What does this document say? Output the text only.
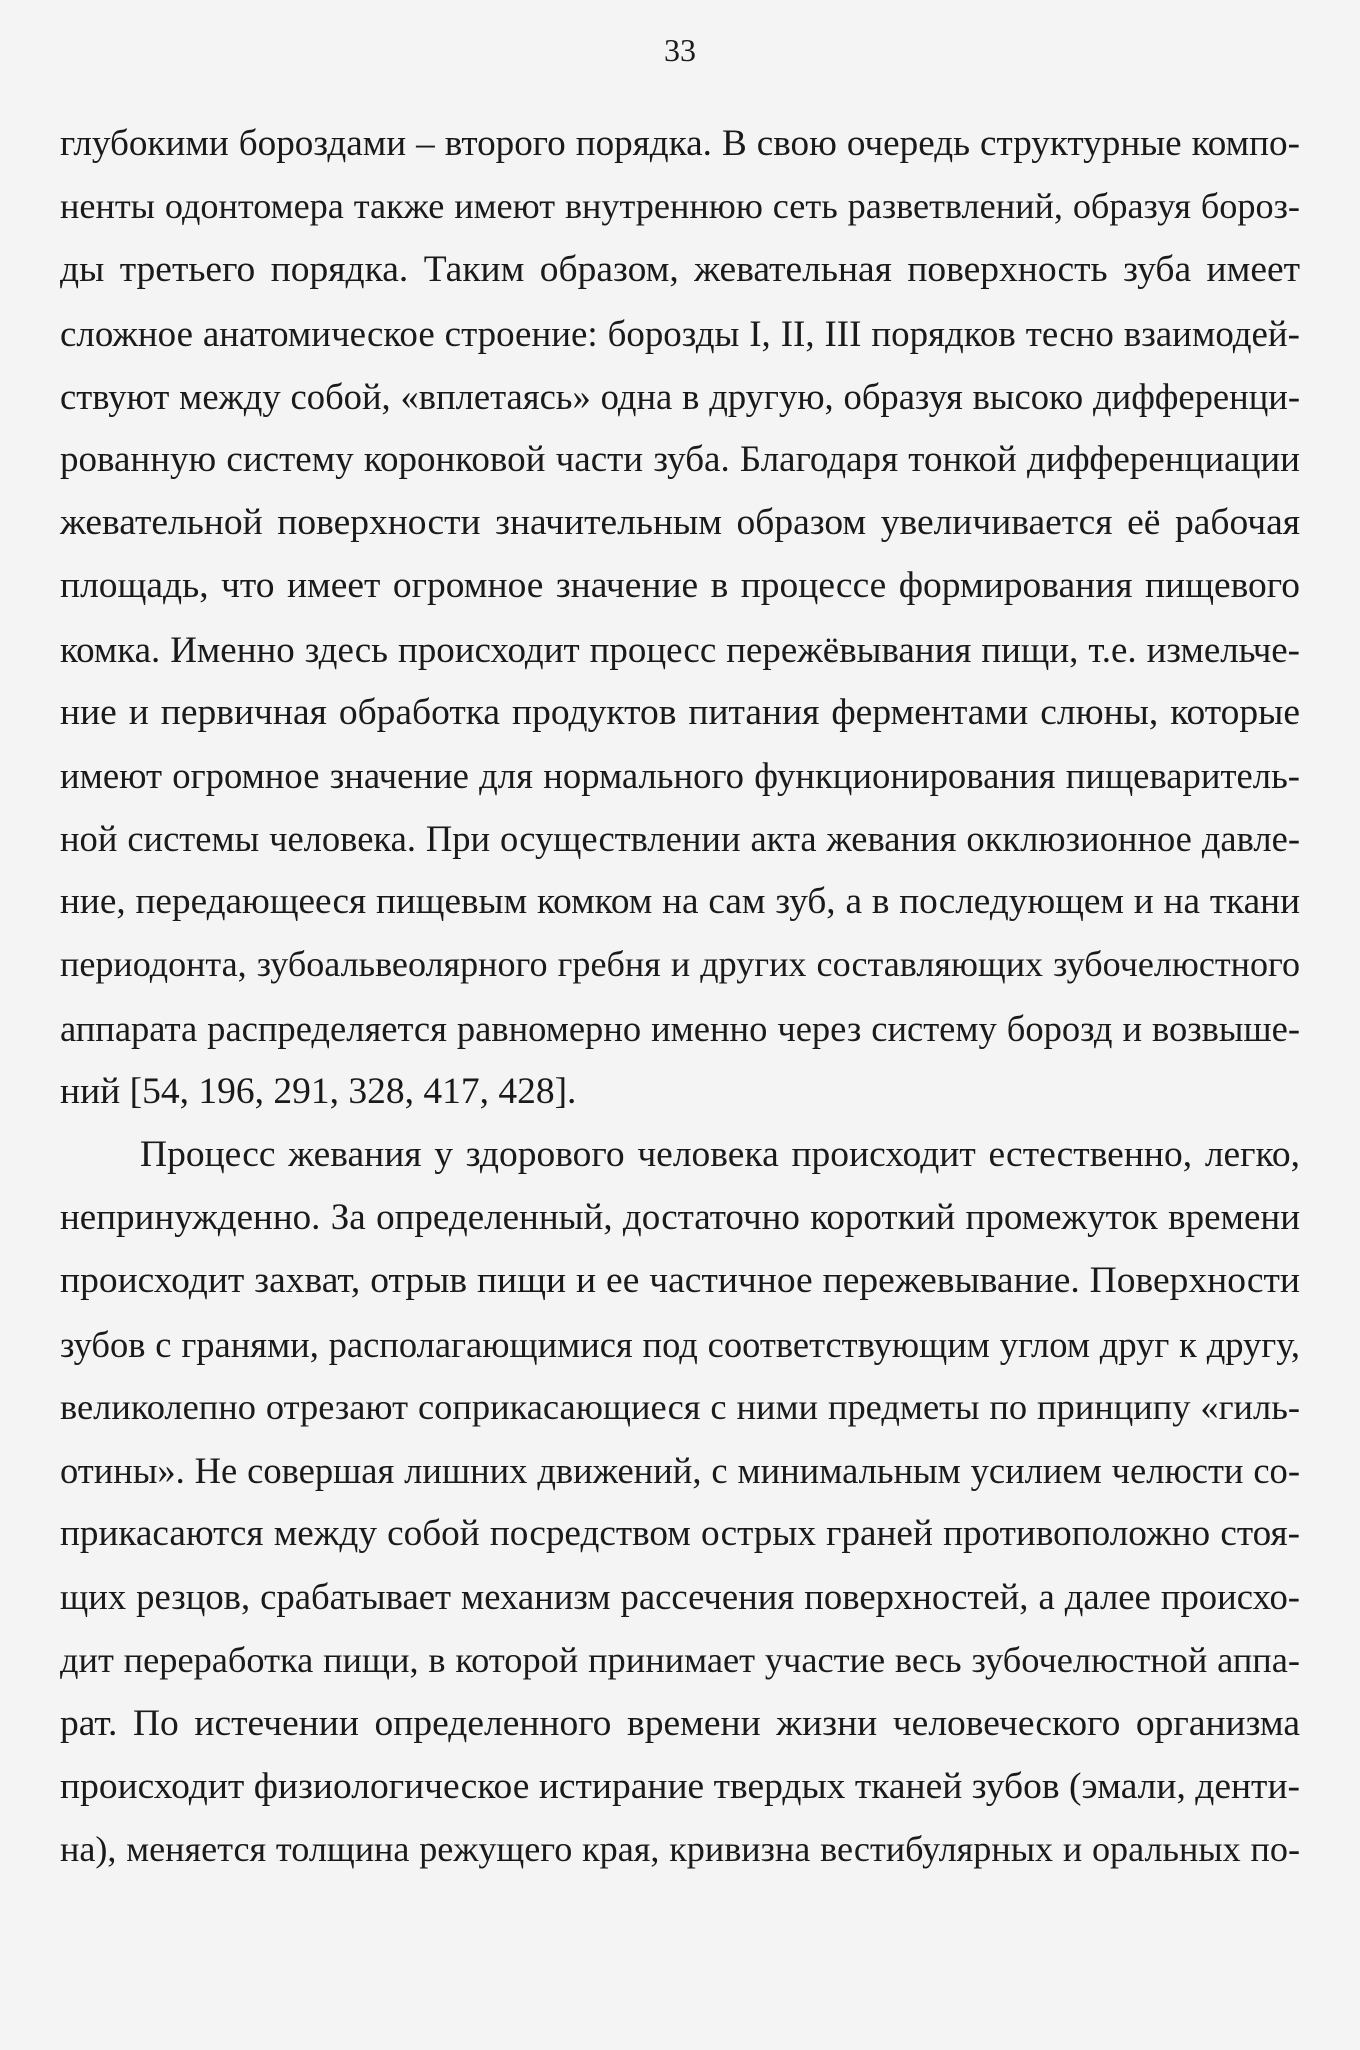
33
глубокими бороздами – второго порядка. В свою очередь структурные компо-
ненты одонтомера также имеют внутреннюю сеть разветвлений, образуя бороз-
ды третьего порядка. Таким образом, жевательная поверхность зуба имеет
сложное анатомическое строение: борозды I, II, III порядков тесно взаимодей-
ствуют между собой, «вплетаясь» одна в другую, образуя высоко дифференци-
рованную систему коронковой части зуба. Благодаря тонкой дифференциации
жевательной поверхности значительным образом увеличивается её рабочая
площадь, что имеет огромное значение в процессе формирования пищевого
комка. Именно здесь происходит процесс пережёвывания пищи, т.е. измельче-
ние и первичная обработка продуктов питания ферментами слюны, которые
имеют огромное значение для нормального функционирования пищеваритель-
ной системы человека. При осуществлении акта жевания окклюзионное давле-
ние, передающееся пищевым комком на сам зуб, а в последующем и на ткани
периодонта, зубоальвеолярного гребня и других составляющих зубочелюстного
аппарата распределяется равномерно именно через систему борозд и возвыше-
ний [54, 196, 291, 328, 417, 428].
Процесс жевания у здорового человека происходит естественно, легко,
непринужденно. За определенный, достаточно короткий промежуток времени
происходит захват, отрыв пищи и ее частичное пережевывание. Поверхности
зубов с гранями, располагающимися под соответствующим углом друг к другу,
великолепно отрезают соприкасающиеся с ними предметы по принципу «гиль-
отины». Не совершая лишних движений, с минимальным усилием челюсти со-
прикасаются между собой посредством острых граней противоположно стоя-
щих резцов, срабатывает механизм рассечения поверхностей, а далее происхо-
дит переработка пищи, в которой принимает участие весь зубочелюстной аппа-
рат. По истечении определенного времени жизни человеческого организма
происходит физиологическое истирание твердых тканей зубов (эмали, денти-
на), меняется толщина режущего края, кривизна вестибулярных и оральных по-
